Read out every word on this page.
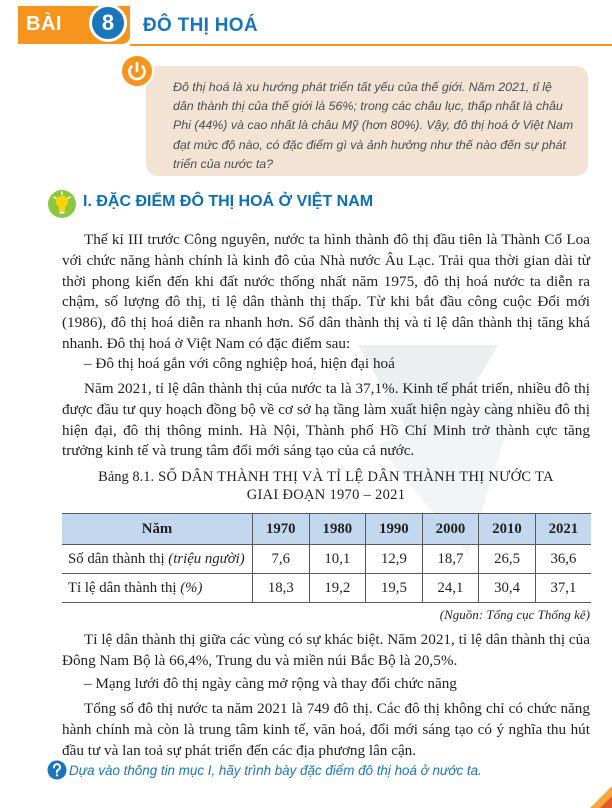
BÀI	8	ĐÔ THỊ HOÁ
Đô thị hoá là xu hướng phát triển tất yếu của thế giới. Năm 2021, tỉ lệ dân thành thị của thế giới là 56%; trong các châu lục, thấp nhất là châu Phi (44%) và cao nhất là châu Mỹ (hơn 80%). Vậy, đô thị hoá ở Việt Nam đạt mức độ nào, có đặc điểm gì và ảnh hưởng như thế nào đến sự phát triển của nước ta?
I. ĐẶC ĐIỂM ĐÔ THỊ HOÁ Ở VIỆT NAM
Thế kỉ III trước Công nguyên, nước ta hình thành đô thị đầu tiên là Thành Cổ Loa với chức năng hành chính là kinh đô của Nhà nước Âu Lạc. Trải qua thời gian dài từ thời phong kiến đến khi đất nước thống nhất năm 1975, đô thị hoá nước ta diễn ra chậm, số lượng đô thị, tỉ lệ dân thành thị thấp. Từ khi bắt đầu công cuộc Đổi mới (1986), đô thị hoá diễn ra nhanh hơn. Số dân thành thị và tỉ lệ dân thành thị tăng khá nhanh. Đô thị hoá ở Việt Nam có đặc điểm sau:
– Đô thị hoá gắn với công nghiệp hoá, hiện đại hoá
Năm 2021, tỉ lệ dân thành thị của nước ta là 37,1%. Kinh tế phát triển, nhiều đô thị được đầu tư quy hoạch đồng bộ về cơ sở hạ tầng làm xuất hiện ngày càng nhiều đô thị hiện đại, đô thị thông minh. Hà Nội, Thành phố Hồ Chí Minh trở thành cực tăng trưởng kinh tế và trung tâm đổi mới sáng tạo của cả nước.
Bảng 8.1. SỐ DÂN THÀNH THỊ VÀ TỈ LỆ DÂN THÀNH THỊ NƯỚC TA
GIAI ĐOẠN 1970 – 2021
Năm	1970	1980	1990	2000	2010	2021
Số dân thành thị (triệu người)	7,6	10,1	12,9	18,7	26,5	36,6
Tỉ lệ dân thành thị (%)	18,3	19,2	19,5	24,1	30,4	37,1
(Nguồn: Tổng cục Thống kê)
Tỉ lệ dân thành thị giữa các vùng có sự khác biệt. Năm 2021, tỉ lệ dân thành thị của Đông Nam Bộ là 66,4%, Trung du và miền núi Bắc Bộ là 20,5%.
– Mạng lưới đô thị ngày càng mở rộng và thay đổi chức năng
Tổng số đô thị nước ta năm 2021 là 749 đô thị. Các đô thị không chỉ có chức năng hành chính mà còn là trung tâm kinh tế, văn hoá, đổi mới sáng tạo có ý nghĩa thu hút đầu tư và lan toả sự phát triển đến các địa phương lân cận.
Dựa vào thông tin mục I, hãy trình bày đặc điểm đô thị hoá ở nước ta.
